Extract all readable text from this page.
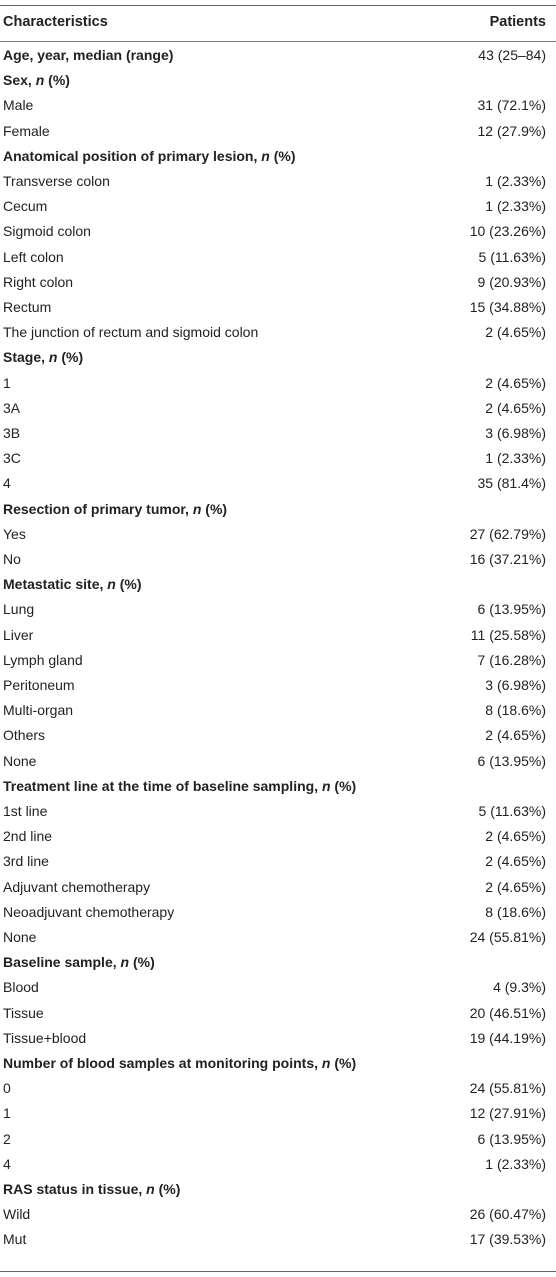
Characteristics	Patients
Age, year, median (range)	43 (25–84)
Sex, n (%)
Male	31 (72.1%)
Female	12 (27.9%)
Anatomical position of primary lesion, n (%)
Transverse colon	1 (2.33%)
Cecum	1 (2.33%)
Sigmoid colon	10 (23.26%)
Left colon	5 (11.63%)
Right colon	9 (20.93%)
Rectum	15 (34.88%)
The junction of rectum and sigmoid colon	2 (4.65%)
Stage, n (%)
1	2 (4.65%)
3A	2 (4.65%)
3B	3 (6.98%)
3C	1 (2.33%)
4	35 (81.4%)
Resection of primary tumor, n (%)
Yes	27 (62.79%)
No	16 (37.21%)
Metastatic site, n (%)
Lung	6 (13.95%)
Liver	11 (25.58%)
Lymph gland	7 (16.28%)
Peritoneum	3 (6.98%)
Multi-organ	8 (18.6%)
Others	2 (4.65%)
None	6 (13.95%)
Treatment line at the time of baseline sampling, n (%)
1st line	5 (11.63%)
2nd line	2 (4.65%)
3rd line	2 (4.65%)
Adjuvant chemotherapy	2 (4.65%)
Neoadjuvant chemotherapy	8 (18.6%)
None	24 (55.81%)
Baseline sample, n (%)
Blood	4 (9.3%)
Tissue	20 (46.51%)
Tissue+blood	19 (44.19%)
Number of blood samples at monitoring points, n (%)
0	24 (55.81%)
1	12 (27.91%)
2	6 (13.95%)
4	1 (2.33%)
RAS status in tissue, n (%)
Wild	26 (60.47%)
Mut	17 (39.53%)
